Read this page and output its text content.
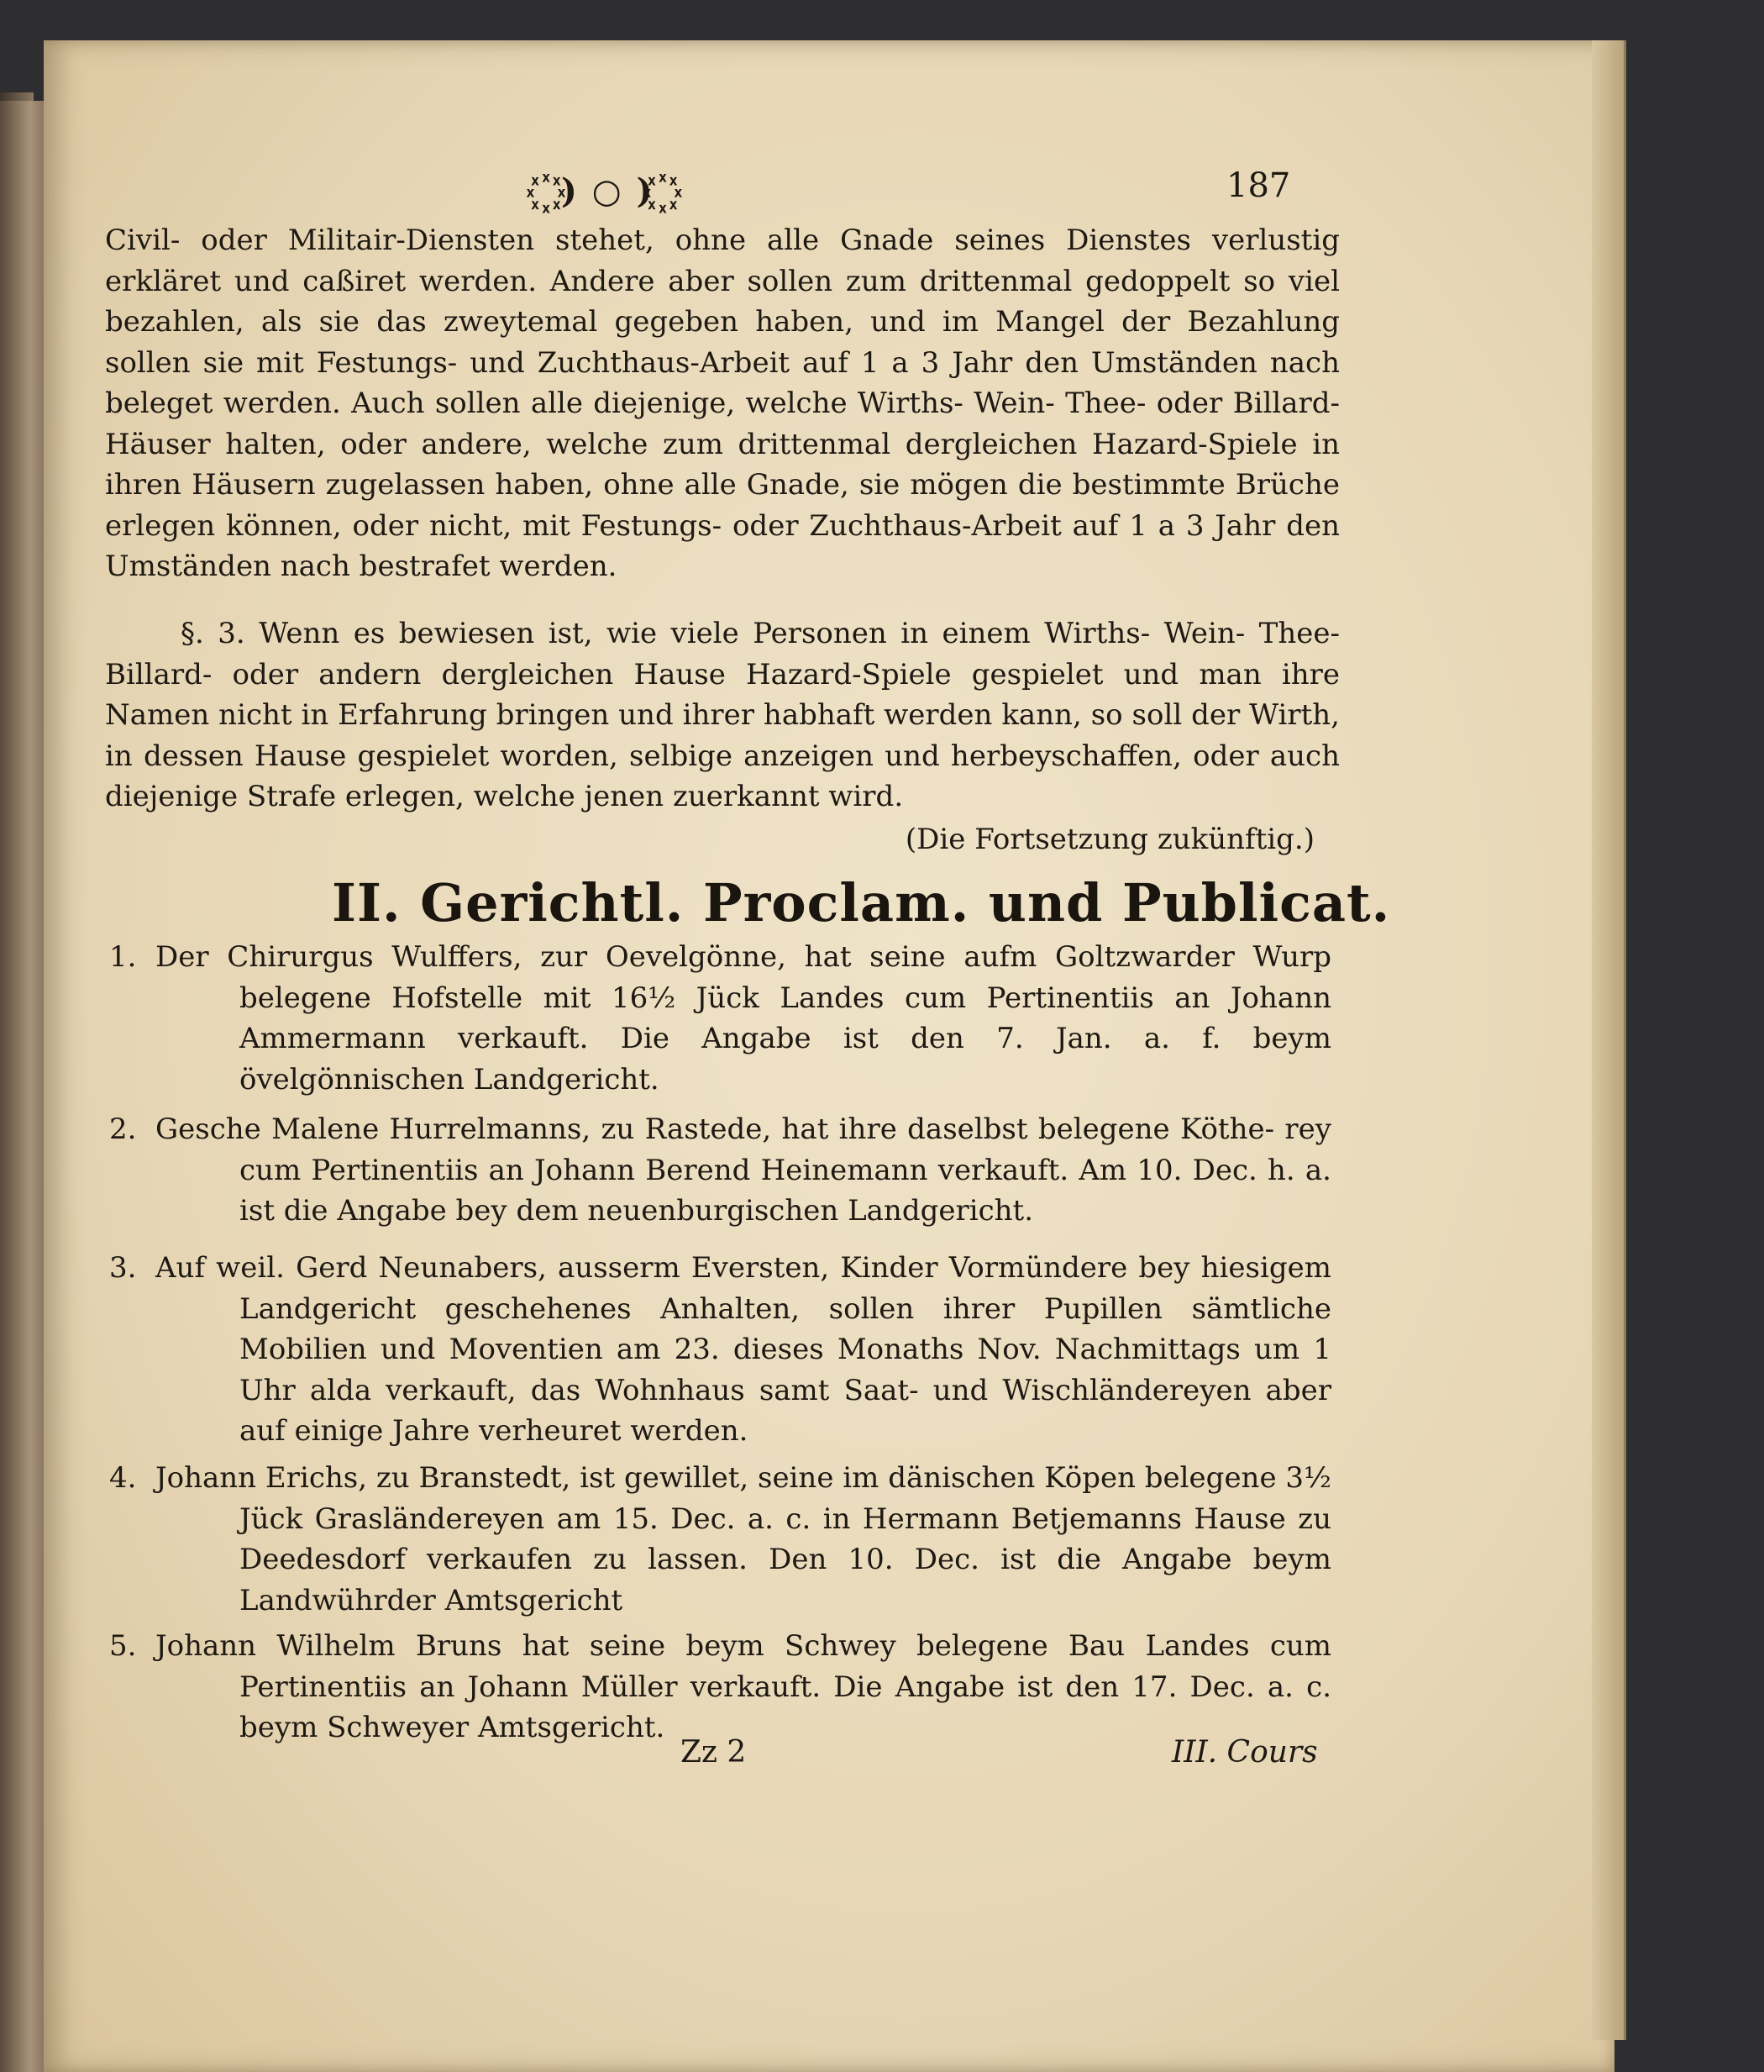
꙰ ) ○ ) ꙰	187
Civil- oder Militair-Diensten stehet, ohne alle Gnade seines Dienstes verlustig erkläret und caßiret werden. Andere aber sollen zum drittenmal gedoppelt so viel bezahlen, als sie das zweytemal gegeben haben, und im Mangel der Bezahlung sollen sie mit Festungs- und Zuchthaus-Arbeit auf 1 a 3 Jahr den Umständen nach beleget werden. Auch sollen alle diejenige, welche Wirths- Wein- Thee- oder Billard-Häuser halten, oder andere, welche zum drittenmal dergleichen Hazard-Spiele in ihren Häusern zugelassen haben, ohne alle Gnade, sie mögen die bestimmte Brüche erlegen können, oder nicht, mit Festungs- oder Zuchthaus-Arbeit auf 1 a 3 Jahr den Umständen nach bestrafet werden.
§. 3. Wenn es bewiesen ist, wie viele Personen in einem Wirths- Wein- Thee- Billard- oder andern dergleichen Hause Hazard-Spiele gespielet und man ihre Namen nicht in Erfahrung bringen und ihrer habhaft werden kann, so soll der Wirth, in dessen Hause gespielet worden, selbige anzeigen und herbeyschaffen, oder auch diejenige Strafe erlegen, welche jenen zuerkannt wird.
(Die Fortsetzung zukünftig.)
II. Gerichtl. Proclam. und Publicat.
1. Der Chirurgus Wulffers, zur Oevelgönne, hat seine aufm Goltzwarder Wurp belegene Hofstelle mit 16½ Jück Landes cum Pertinentiis an Johann Ammermann verkauft. Die Angabe ist den 7. Jan. a. f. beym övelgönnischen Landgericht.
2. Gesche Malene Hurrelmanns, zu Rastede, hat ihre daselbst belegene Köthe- rey cum Pertinentiis an Johann Berend Heinemann verkauft. Am 10. Dec. h. a. ist die Angabe bey dem neuenburgischen Landgericht.
3. Auf weil. Gerd Neunabers, ausserm Eversten, Kinder Vormündere bey hiesigem Landgericht geschehenes Anhalten, sollen ihrer Pupillen sämtliche Mobilien und Moventien am 23. dieses Monaths Nov. Nachmittags um 1 Uhr alda verkauft, das Wohnhaus samt Saat- und Wischländereyen aber auf einige Jahre verheuret werden.
4. Johann Erichs, zu Branstedt, ist gewillet, seine im dänischen Köpen belegene 3½ Jück Grasländereyen am 15. Dec. a. c. in Hermann Betjemanns Hause zu Deedesdorf verkaufen zu lassen. Den 10. Dec. ist die Angabe beym Landwührder Amtsgericht
5. Johann Wilhelm Bruns hat seine beym Schwey belegene Bau Landes cum Pertinentiis an Johann Müller verkauft. Die Angabe ist den 17. Dec. a. c. beym Schweyer Amtsgericht.
Zz 2	III. Cours
